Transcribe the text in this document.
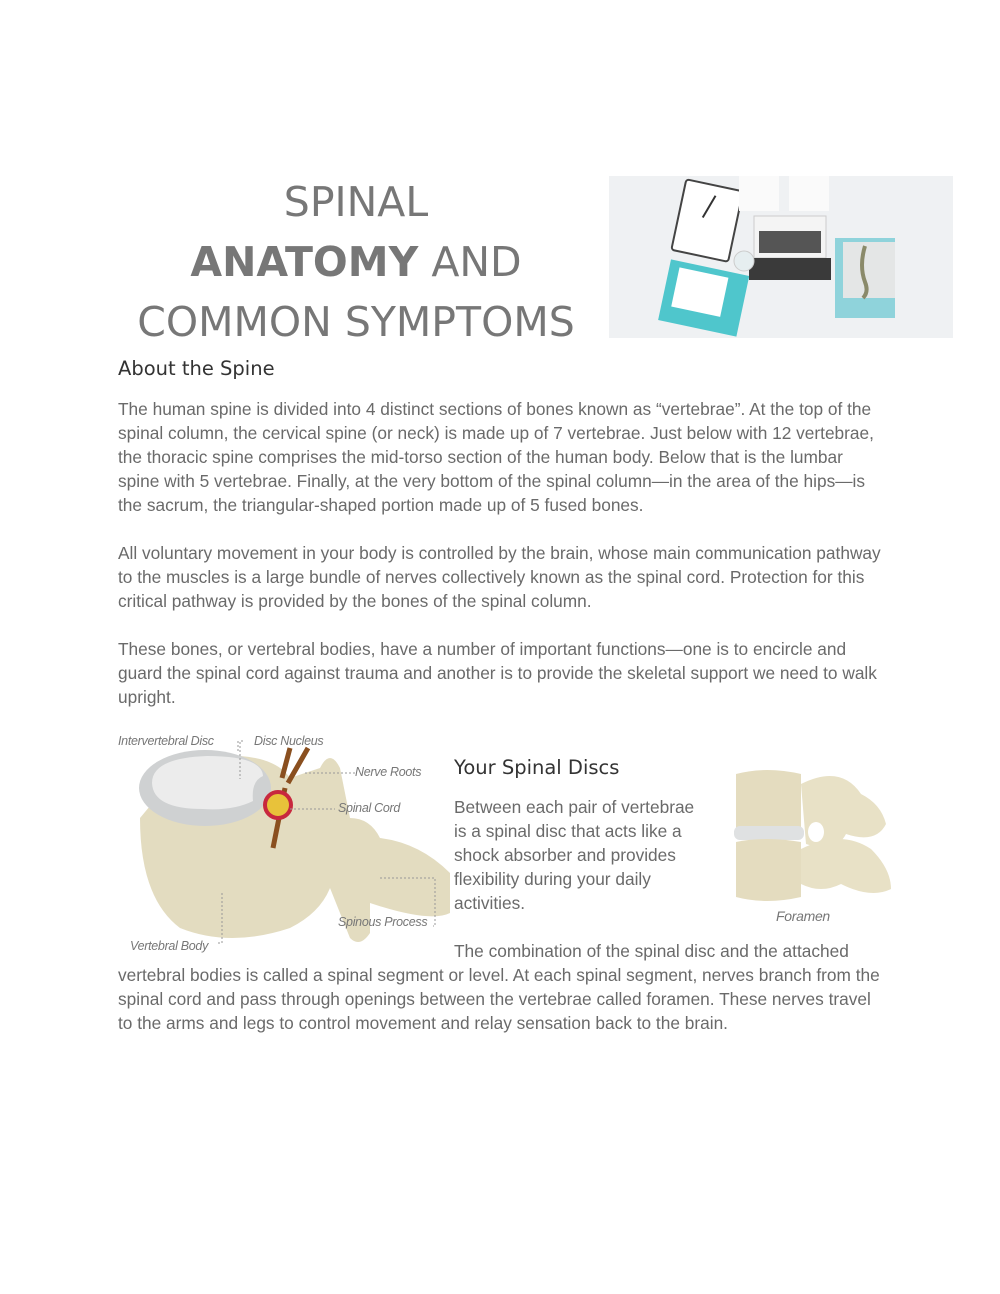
SPINAL
ANATOMY AND
COMMON SYMPTOMS
About the Spine

The human spine is divided into 4 distinct sections of bones known as “vertebrae”. At the top of the spinal column, the cervical spine (or neck) is made up of 7 vertebrae. Just below with 12 vertebrae, the thoracic spine comprises the mid-torso section of the human body. Below that is the lumbar spine with 5 vertebrae. Finally, at the very bottom of the spinal column—in the area of the hips—is the sacrum, the triangular-shaped portion made up of 5 fused bones.

All voluntary movement in your body is controlled by the brain, whose main communication pathway to the muscles is a large bundle of nerves collectively known as the spinal cord. Protection for this critical pathway is provided by the bones of the spinal column.

These bones, or vertebral bodies, have a number of important functions—one is to encircle and guard the spinal cord against trauma and another is to provide the skeletal support we need to walk upright.

Intervertebral Disc	Disc Nucleus
Nerve Roots
Spinal Cord
Spinous Process
Vertebral Body
Your Spinal Discs

Between each pair of vertebrae is a spinal disc that acts like a shock absorber and provides flexibility during your daily activities.

Foramen

The combination of the spinal disc and the attached vertebral bodies is called a spinal segment or level. At each spinal segment, nerves branch from the spinal cord and pass through openings between the vertebrae called foramen. These nerves travel to the arms and legs to control movement and relay sensation back to the brain.
